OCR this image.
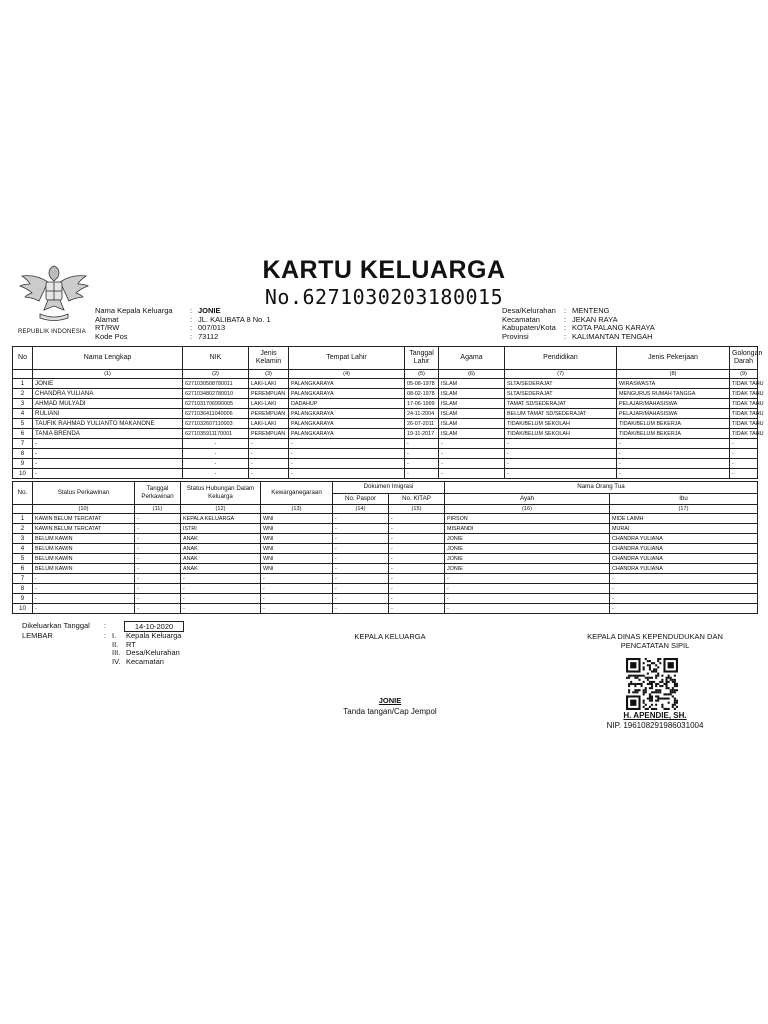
REPUBLIK INDONESIA
KARTU KELUARGA
No.6271030203180015
Nama Kepala Keluarga	: JONIE
Alamat	: JL. KALIBATA 8 No. 1
RT/RW	: 007/013
Kode Pos	: 73112
Desa/Kelurahan	: MENTENG
Kecamatan	: JEKAN RAYA
Kabupaten/Kota	: KOTA PALANG KARAYA
Provinsi	: KALIMANTAN TENGAH
No	Nama Lengkap	NIK	Jenis Kelamin	Tempat Lahir	Tanggal Lahir	Agama	Pendidikan	Jenis Pekerjaan	Golongan Darah
	(1)	(2)	(3)	(4)	(5)	(6)	(7)	(8)	(9)
1	JONIE	6271030508780011	LAKI-LAKI	PALANGKARAYA	05-08-1978	ISLAM	SLTA/SEDERAJAT	WIRASWASTA	TIDAK TAHU
2	CHANDRA YULIANA	6271034802780010	PEREMPUAN	PALANGKARAYA	08-02-1978	ISLAM	SLTA/SEDERAJAT	MENGURUS RUMAH TANGGA	TIDAK TAHU
3	AHMAD MULYADI	6271031706990005	LAKI-LAKI	DADAHUP	17-06-1999	ISLAM	TAMAT SD/SEDERAJAT	PELAJAR/MAHASISWA	TIDAK TAHU
4	RULIANI	6271036411040006	PEREMPUAN	PALANGKARAYA	24-11-2004	ISLAM	BELUM TAMAT SD/SEDERAJAT	PELAJAR/MAHASISWA	TIDAK TAHU
5	TAUFIK RAHMAD YULIANTO MAKANONE	6271032607110003	LAKI-LAKI	PALANGKARAYA	26-07-2011	ISLAM	TIDAK/BELUM SEKOLAH	TIDAK/BELUM BEKERJA	TIDAK TAHU
6	TANIA BRENDA	6271035911170001	PEREMPUAN	PALANGKARAYA	19-11-2017	ISLAM	TIDAK/BELUM SEKOLAH	TIDAK/BELUM BEKERJA	TIDAK TAHU
7	-	-	-	-	-	-	-	-	-
8	-	-	-	-	-	-	-	-	-
9	-	-	-	-	-	-	-	-	-
10	-	-	-	-	-	-	-	-	-
No.	Status Perkawinan	Tanggal Perkawinan	Status Hubungan Dalam Keluarga	Kewarganegaraan	Dokumen Imigrasi		Nama Orang Tua	
					No. Paspor	No. KITAP	Ayah	Ibu
	(10)	(11)	(12)	(13)	(14)	(15)	(16)	(17)
1	KAWIN BELUM TERCATAT	-	KEPALA KELUARGA	WNI	-	-	PIRSON	MIDE LAIMH
2	KAWIN BELUM TERCATAT	-	ISTRI	WNI	-	-	MISRANDI	MURAI
3	BELUM KAWIN	-	ANAK	WNI	-	-	JONIE	CHANDRA YULIANA
4	BELUM KAWIN	-	ANAK	WNI	-	-	JONIE	CHANDRA YULIANA
5	BELUM KAWIN	-	ANAK	WNI	-	-	JONIE	CHANDRA YULIANA
6	BELUM KAWIN	-	ANAK	WNI	-	-	JONIE	CHANDRA YULIANA
7	-	-	-	-	-	-	-	-
8	-	-	-	-	-	-	-	-
9	-	-	-	-	-	-	-	-
10	-	-	-	-	-	-	-	-
Dikeluarkan Tanggal :	14-10-2020
LEMBAR	: I. Kepala Keluarga
II. RT
III. Desa/Kelurahan
IV. Kecamatan
KEPALA KELUARGA
JONIE
Tanda tangan/Cap Jempol
KEPALA DINAS KEPENDUDUKAN DAN
PENCATATAN SIPIL
H. APENDIE, SH.
NIP. 196108291986031004
